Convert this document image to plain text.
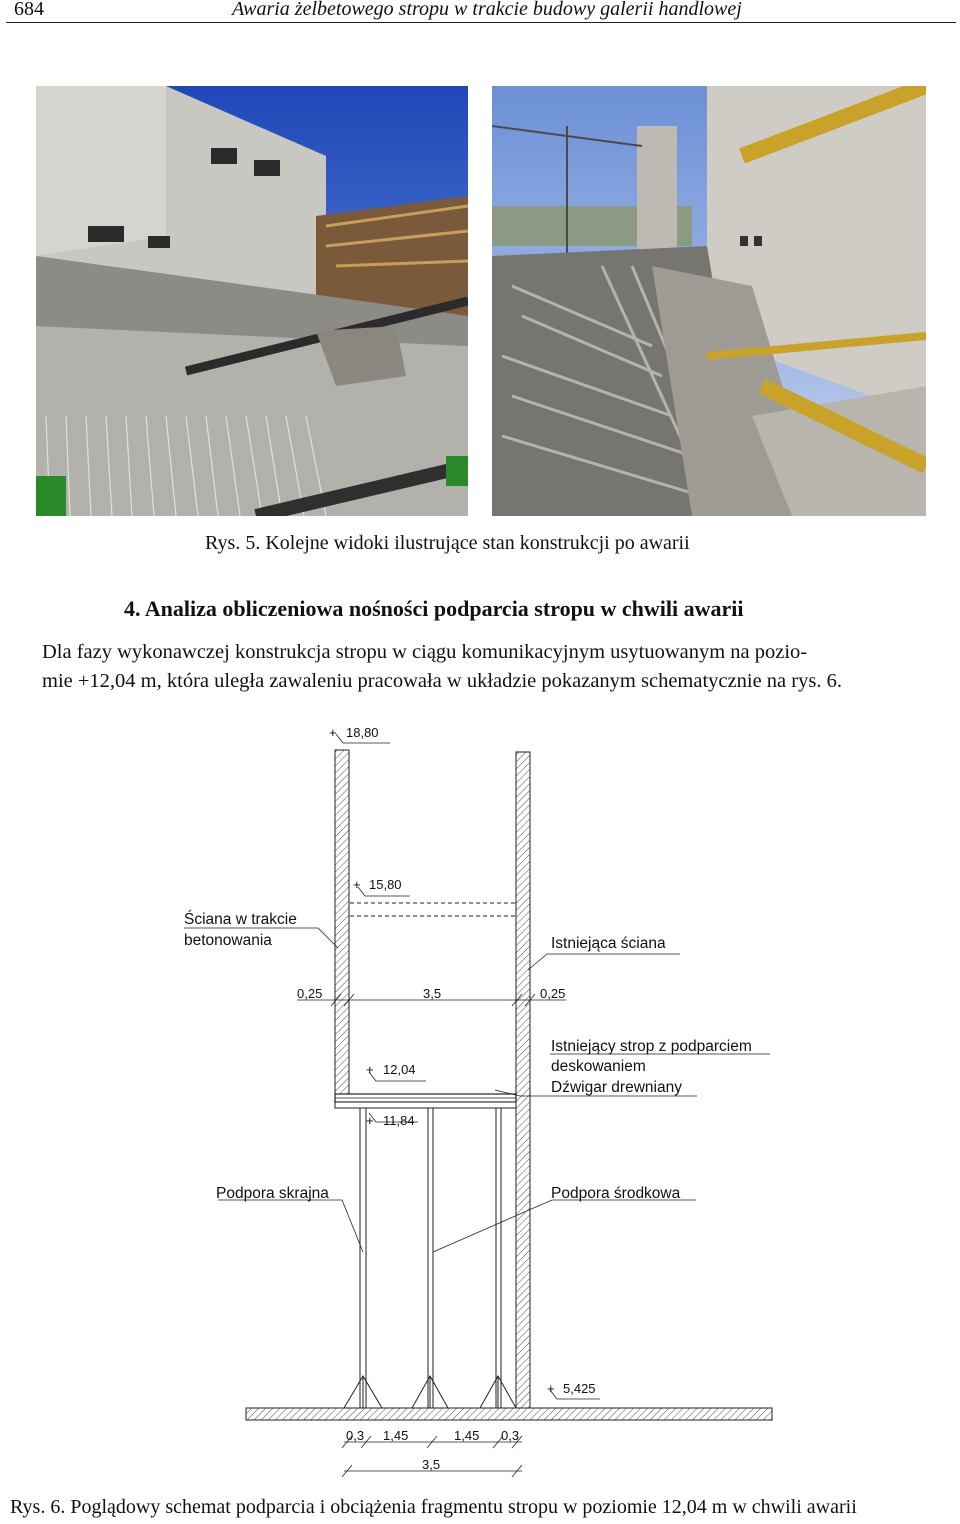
684	Awaria żelbetowego stropu w trakcie budowy galerii handlowej
Rys. 5. Kolejne widoki ilustrujące stan konstrukcji po awarii
4. Analiza obliczeniowa nośności podparcia stropu w chwili awarii
Dla fazy wykonawczej konstrukcja stropu w ciągu komunikacyjnym usytuowanym na pozio-
mie +12,04 m, która uległa zawaleniu pracowała w układzie pokazanym schematycznie na rys. 6.
+ 18,80
+ 15,80
+ 12,04
+ 11,84
+ 5,425
Ściana w trakcie
betonowania	Istniejąca ściana
Istniejący strop z podparciem
deskowaniem
Dźwigar drewniany
Podpora skrajna	Podpora środkowa
0,25	3,5	0,25
0,3 1,45	1,45 0,3
3,5
Rys. 6. Poglądowy schemat podparcia i obciążenia fragmentu stropu w poziomie 12,04 m w chwili awarii
